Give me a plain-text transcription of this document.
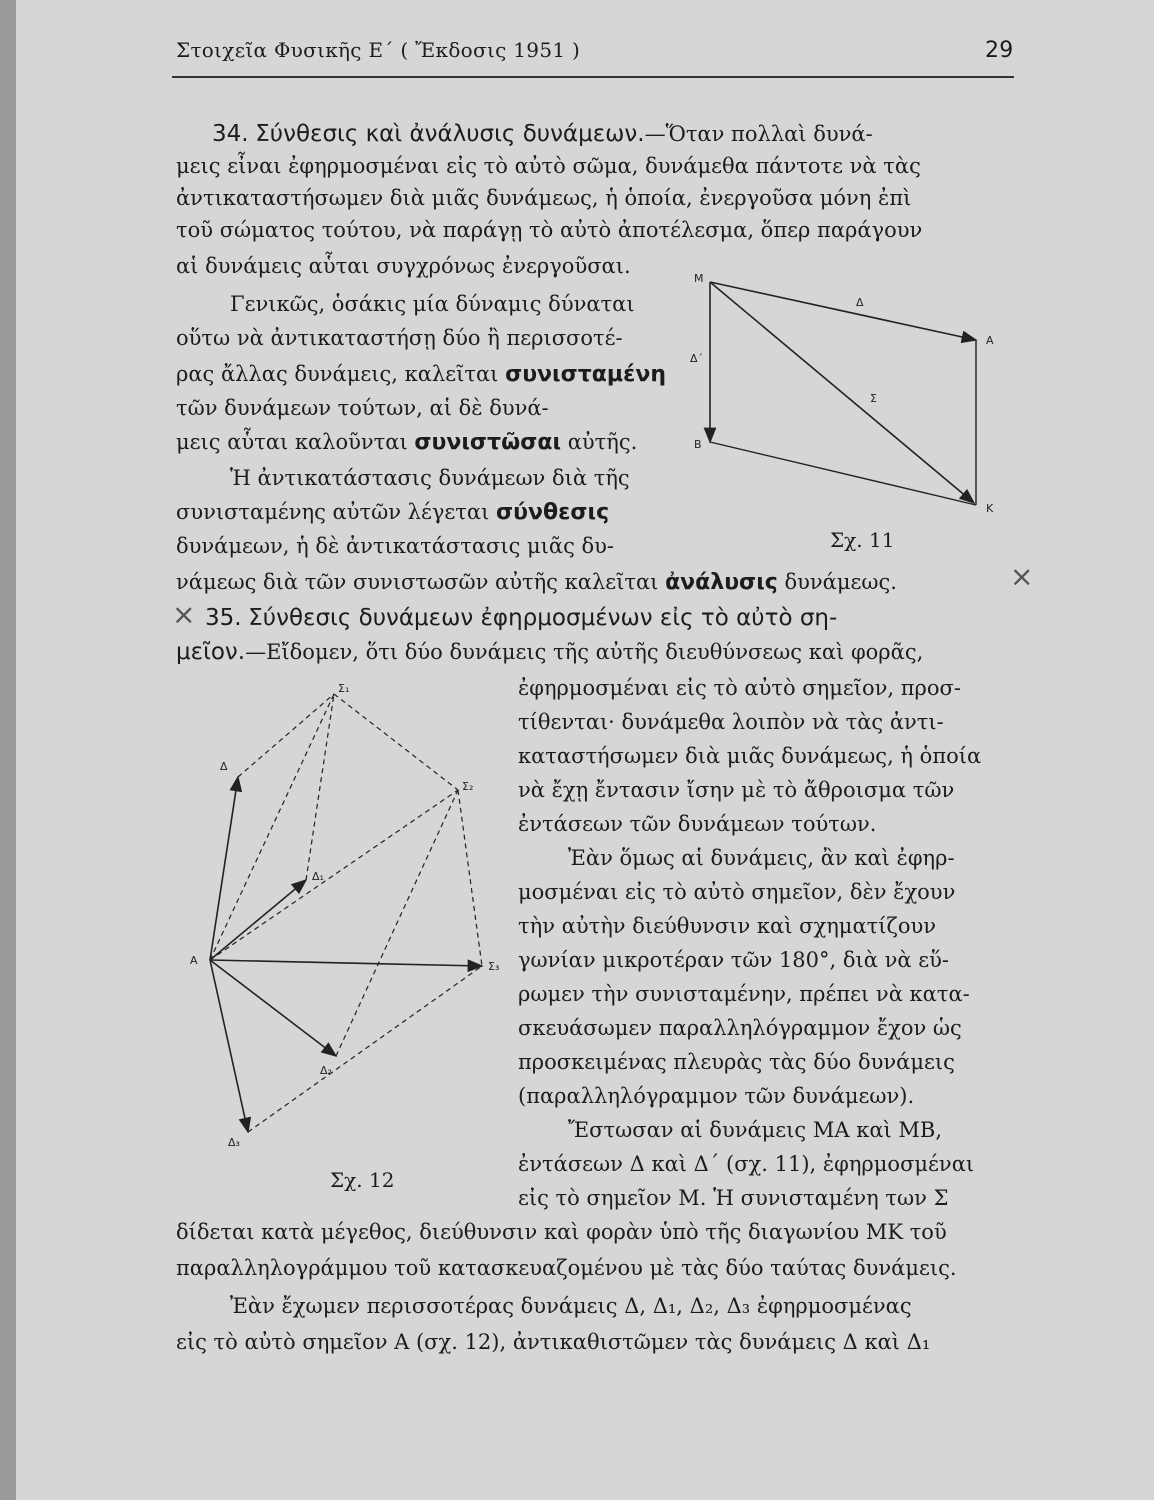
Στοιχεῖα Φυσικῆς Ε΄ ( Ἔκδοσις 1951 )	29
34. Σύνθεσις καὶ ἀνάλυσις δυνάμεων.—Ὅταν πολλαὶ δυνά-
μεις εἶναι ἐφηρμοσμέναι εἰς τὸ αὐτὸ σῶμα, δυνάμεθα πάντοτε νὰ τὰς
ἀντικαταστήσωμεν διὰ μιᾶς δυνάμεως, ἡ ὁποία, ἐνεργοῦσα μόνη ἐπὶ
τοῦ σώματος τούτου, νὰ παράγῃ τὸ αὐτὸ ἀποτέλεσμα, ὅπερ παράγουν
αἱ δυνάμεις αὗται συγχρόνως ἐνεργοῦσαι.
Γενικῶς, ὁσάκις μία δύναμις δύναται
οὕτω νὰ ἀντικαταστήσῃ δύο ἢ περισσοτέ-
ρας ἄλλας δυνάμεις, καλεῖται συνισταμένη
τῶν δυνάμεων τούτων, αἱ δὲ δυνά-
μεις αὗται καλοῦνται συνιστῶσαι αὐτῆς.
Ἡ ἀντικατάστασις δυνάμεων διὰ τῆς
συνισταμένης αὐτῶν λέγεται σύνθεσις
δυνάμεων, ἡ δὲ ἀντικατάστασις μιᾶς δυ-
νάμεως διὰ τῶν συνιστωσῶν αὐτῆς καλεῖται ἀνάλυσις δυνάμεως.
Μ
Δ
Δ΄
Α
Σ
Β
Κ
Σχ. 11
⨯
⨯ 35. Σύνθεσις δυνάμεων ἐφηρμοσμένων εἰς τὸ αὐτὸ ση-
μεῖον.—Εἴδομεν, ὅτι δύο δυνάμεις τῆς αὐτῆς διευθύνσεως καὶ φορᾶς,
ἐφηρμοσμέναι εἰς τὸ αὐτὸ σημεῖον, προσ-
τίθενται· δυνάμεθα λοιπὸν νὰ τὰς ἀντι-
καταστήσωμεν διὰ μιᾶς δυνάμεως, ἡ ὁποία
νὰ ἔχῃ ἔντασιν ἴσην μὲ τὸ ἄθροισμα τῶν
ἐντάσεων τῶν δυνάμεων τούτων.
Ἐὰν ὅμως αἱ δυνάμεις, ἂν καὶ ἐφηρ-
μοσμέναι εἰς τὸ αὐτὸ σημεῖον, δὲν ἔχουν
τὴν αὐτὴν διεύθυνσιν καὶ σχηματίζουν
γωνίαν μικροτέραν τῶν 180°, διὰ νὰ εὕ-
ρωμεν τὴν συνισταμένην, πρέπει νὰ κατα-
σκευάσωμεν παραλληλόγραμμον ἔχον ὡς
προσκειμένας πλευρὰς τὰς δύο δυνάμεις
(παραλληλόγραμμον τῶν δυνάμεων).
Ἔστωσαν αἱ δυνάμεις ΜΑ καὶ ΜΒ,
ἐντάσεων Δ καὶ Δ΄ (σχ. 11), ἐφηρμοσμέναι
εἰς τὸ σημεῖον Μ. Ἡ συνισταμένη των Σ
Σ₁
Δ
Σ₂
Δ₁
Α	Σ₃
Δ₂
Δ₃
Σχ. 12
δίδεται κατὰ μέγεθος, διεύθυνσιν καὶ φορὰν ὑπὸ τῆς διαγωνίου ΜΚ τοῦ
παραλληλογράμμου τοῦ κατασκευαζομένου μὲ τὰς δύο ταύτας δυνάμεις.
Ἐὰν ἔχωμεν περισσοτέρας δυνάμεις Δ, Δ₁, Δ₂, Δ₃ ἐφηρμοσμένας
εἰς τὸ αὐτὸ σημεῖον Α (σχ. 12), ἀντικαθιστῶμεν τὰς δυνάμεις Δ καὶ Δ₁
